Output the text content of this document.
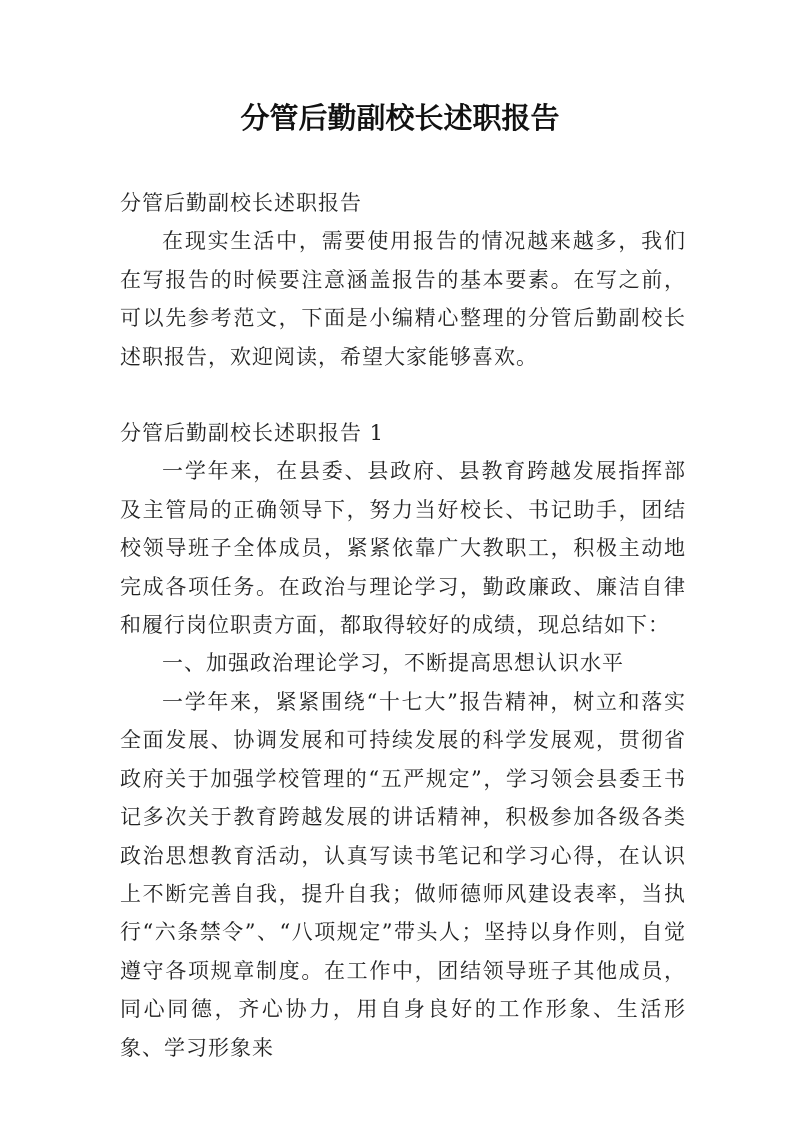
分管后勤副校长述职报告

分管后勤副校长述职报告

在现实生活中，需要使用报告的情况越来越多，我们在写报告的时候要注意涵盖报告的基本要素。在写之前，可以先参考范文，下面是小编精心整理的分管后勤副校长述职报告，欢迎阅读，希望大家能够喜欢。

分管后勤副校长述职报告 1

一学年来，在县委、县政府、县教育跨越发展指挥部及主管局的正确领导下，努力当好校长、书记助手，团结校领导班子全体成员，紧紧依靠广大教职工，积极主动地完成各项任务。在政治与理论学习，勤政廉政、廉洁自律和履行岗位职责方面，都取得较好的成绩，现总结如下：

一、加强政治理论学习，不断提高思想认识水平

一学年来，紧紧围绕“十七大”报告精神，树立和落实全面发展、协调发展和可持续发展的科学发展观，贯彻省政府关于加强学校管理的“五严规定”，学习领会县委王书记多次关于教育跨越发展的讲话精神，积极参加各级各类政治思想教育活动，认真写读书笔记和学习心得，在认识上不断完善自我，提升自我；做师德师风建设表率，当执行“六条禁令”、“八项规定”带头人；坚持以身作则，自觉遵守各项规章制度。在工作中，团结领导班子其他成员，同心同德，齐心协力，用自身良好的工作形象、生活形象、学习形象来
